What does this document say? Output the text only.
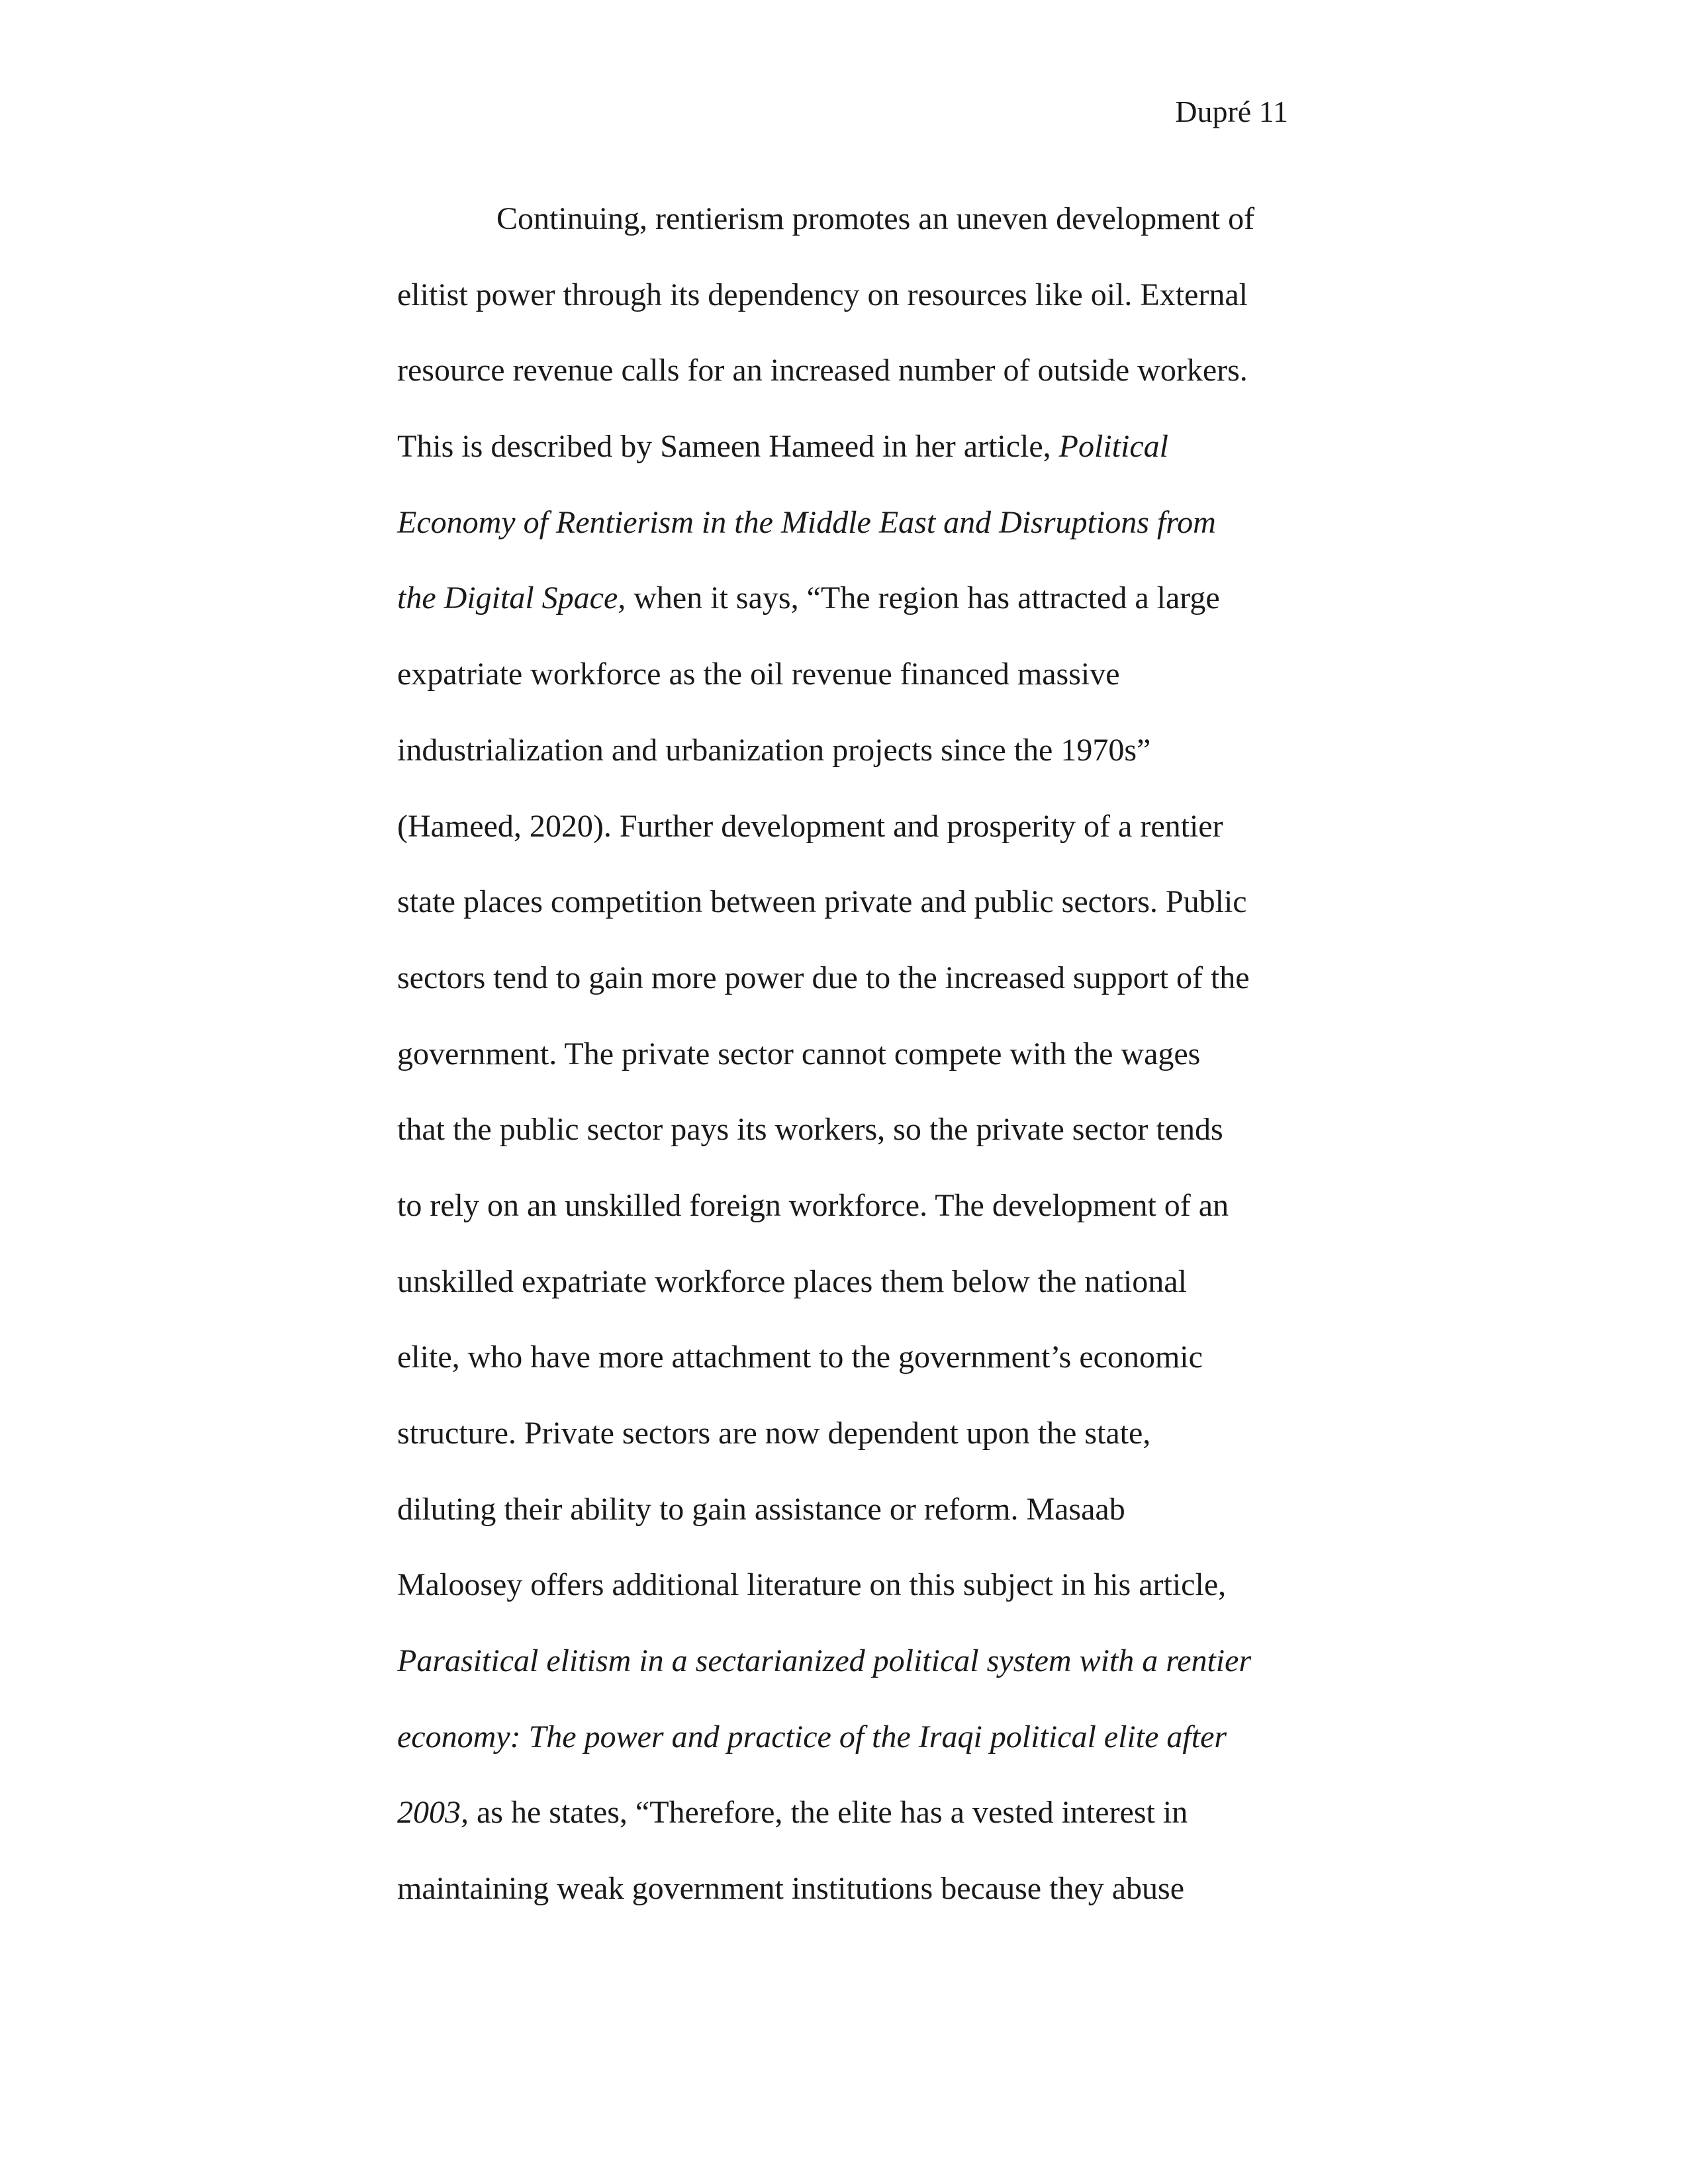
Dupré 11
Continuing, rentierism promotes an uneven development of
elitist power through its dependency on resources like oil. External
resource revenue calls for an increased number of outside workers.
This is described by Sameen Hameed in her article, Political
Economy of Rentierism in the Middle East and Disruptions from
the Digital Space, when it says, “The region has attracted a large
expatriate workforce as the oil revenue financed massive
industrialization and urbanization projects since the 1970s”
(Hameed, 2020). Further development and prosperity of a rentier
state places competition between private and public sectors. Public
sectors tend to gain more power due to the increased support of the
government. The private sector cannot compete with the wages
that the public sector pays its workers, so the private sector tends
to rely on an unskilled foreign workforce. The development of an
unskilled expatriate workforce places them below the national
elite, who have more attachment to the government’s economic
structure. Private sectors are now dependent upon the state,
diluting their ability to gain assistance or reform. Masaab
Maloosey offers additional literature on this subject in his article,
Parasitical elitism in a sectarianized political system with a rentier
economy: The power and practice of the Iraqi political elite after
2003, as he states, “Therefore, the elite has a vested interest in
maintaining weak government institutions because they abuse
